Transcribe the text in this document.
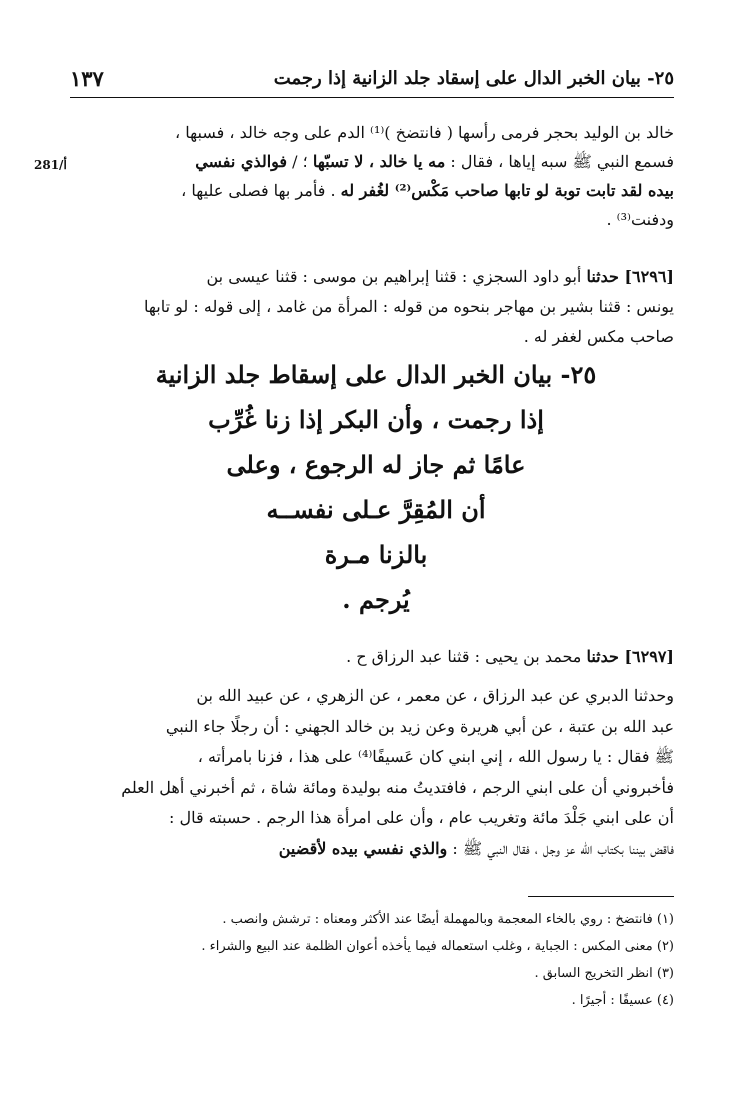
٢٥- بيان الخبر الدال على إسقاد جلد الزانية إذا رجمت
١٣٧
281/أ
خالد بن الوليد بحجر فرمى رأسها ( فانتضخ )⁽¹⁾ الدم على وجه خالد ، فسبها ،
فسمع النبي ﷺ سبه إياها ، فقال : مه يا خالد ، لا تسبّها ؛ / فوالذي نفسي
بيده لقد تابت توبة لو تابها صاحب مَكْس⁽²⁾ لغُفر له . فأمر بها فصلى عليها ،
ودفنت⁽³⁾ .
[٦٢٩٦] حدثنا أبو داود السجزي : قثنا إبراهيم بن موسى : قثنا عيسى بن
يونس : قثنا بشير بن مهاجر بنحوه من قوله : المرأة من غامد ، إلى قوله : لو تابها
صاحب مكس لغفر له .
٢٥- بيان الخبر الدال على إسقاط جلد الزانية
إذا رجمت ، وأن البكر إذا زنا غُرِّب
عامًا ثم جاز له الرجوع ، وعلى
أن المُقِرَّ عـلى نفســه
بالزنا مـرة
يُرجم .
[٦٢٩٧] حدثنا محمد بن يحيى : قثنا عبد الرزاق ح .
وحدثنا الدبري عن عبد الرزاق ، عن معمر ، عن الزهري ، عن عبيد الله بن
عبد الله بن عتبة ، عن أبي هريرة وعن زيد بن خالد الجهني : أن رجلًا جاء النبي
ﷺ فقال : يا رسول الله ، إني ابني كان عَسيفًا⁽⁴⁾ على هذا ، فزنا بامرأته ،
فأخبروني أن على ابني الرجم ، فافتديتُ منه بوليدة ومائة شاة ، ثم أخبرني أهل العلم
أن على ابني جَلْدَ مائة وتغريب عام ، وأن على امرأة هذا الرجم . حسبته قال :
فاقض بيننا بكتاب الله عز وجل ، فقال النبي ﷺ : والذي نفسي بيده لأقضين
(١) فانتضخ : روي بالخاء المعجمة وبالمهملة أيضًا عند الأكثر ومعناه : ترشش وانصب .
(٢) معنى المكس : الجباية ، وغلب استعماله فيما يأخذه أعوان الظلمة عند البيع والشراء .
(٣) انظر التخريج السابق .
(٤) عسيفًا : أجيرًا .
